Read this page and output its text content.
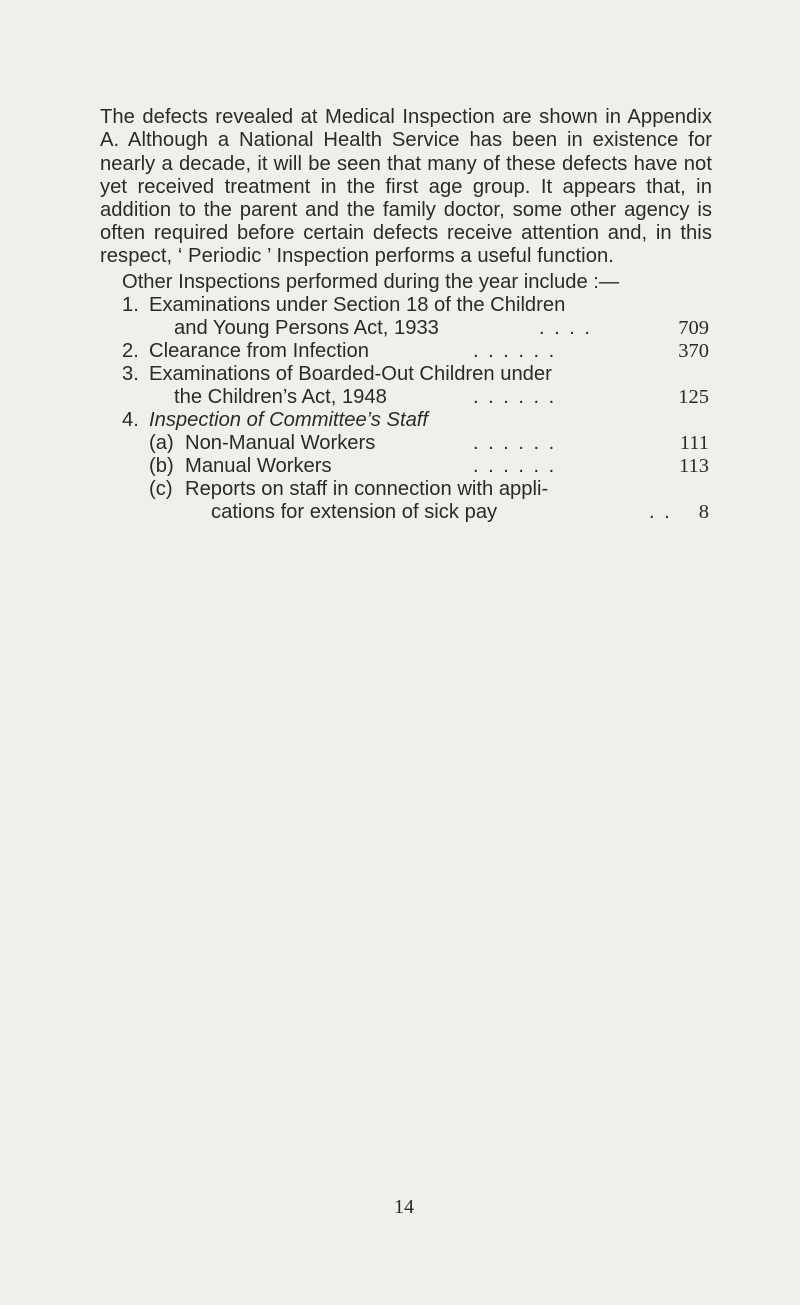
The defects revealed at Medical Inspection are shown in Appendix A. Although a National Health Service has been in existence for nearly a decade, it will be seen that many of these defects have not yet received treatment in the first age group. It appears that, in addition to the parent and the family doctor, some other agency is often required before certain defects receive attention and, in this respect, ‘ Periodic ’ Inspection performs a useful function.

Other Inspections performed during the year include :—
1. Examinations under Section 18 of the Children
and Young Persons Act, 1933	. . . .	709
2. Clearance from Infection	. . . . . .	370
3. Examinations of Boarded-Out Children under
the Children’s Act, 1948	. . . . . .	125
4. Inspection of Committee’s Staff
(a) Non-Manual Workers	. . . . . .	111
(b) Manual Workers	. . . . . .	113
(c) Reports on staff in connection with appli-
cations for extension of sick pay	. .	8
14
